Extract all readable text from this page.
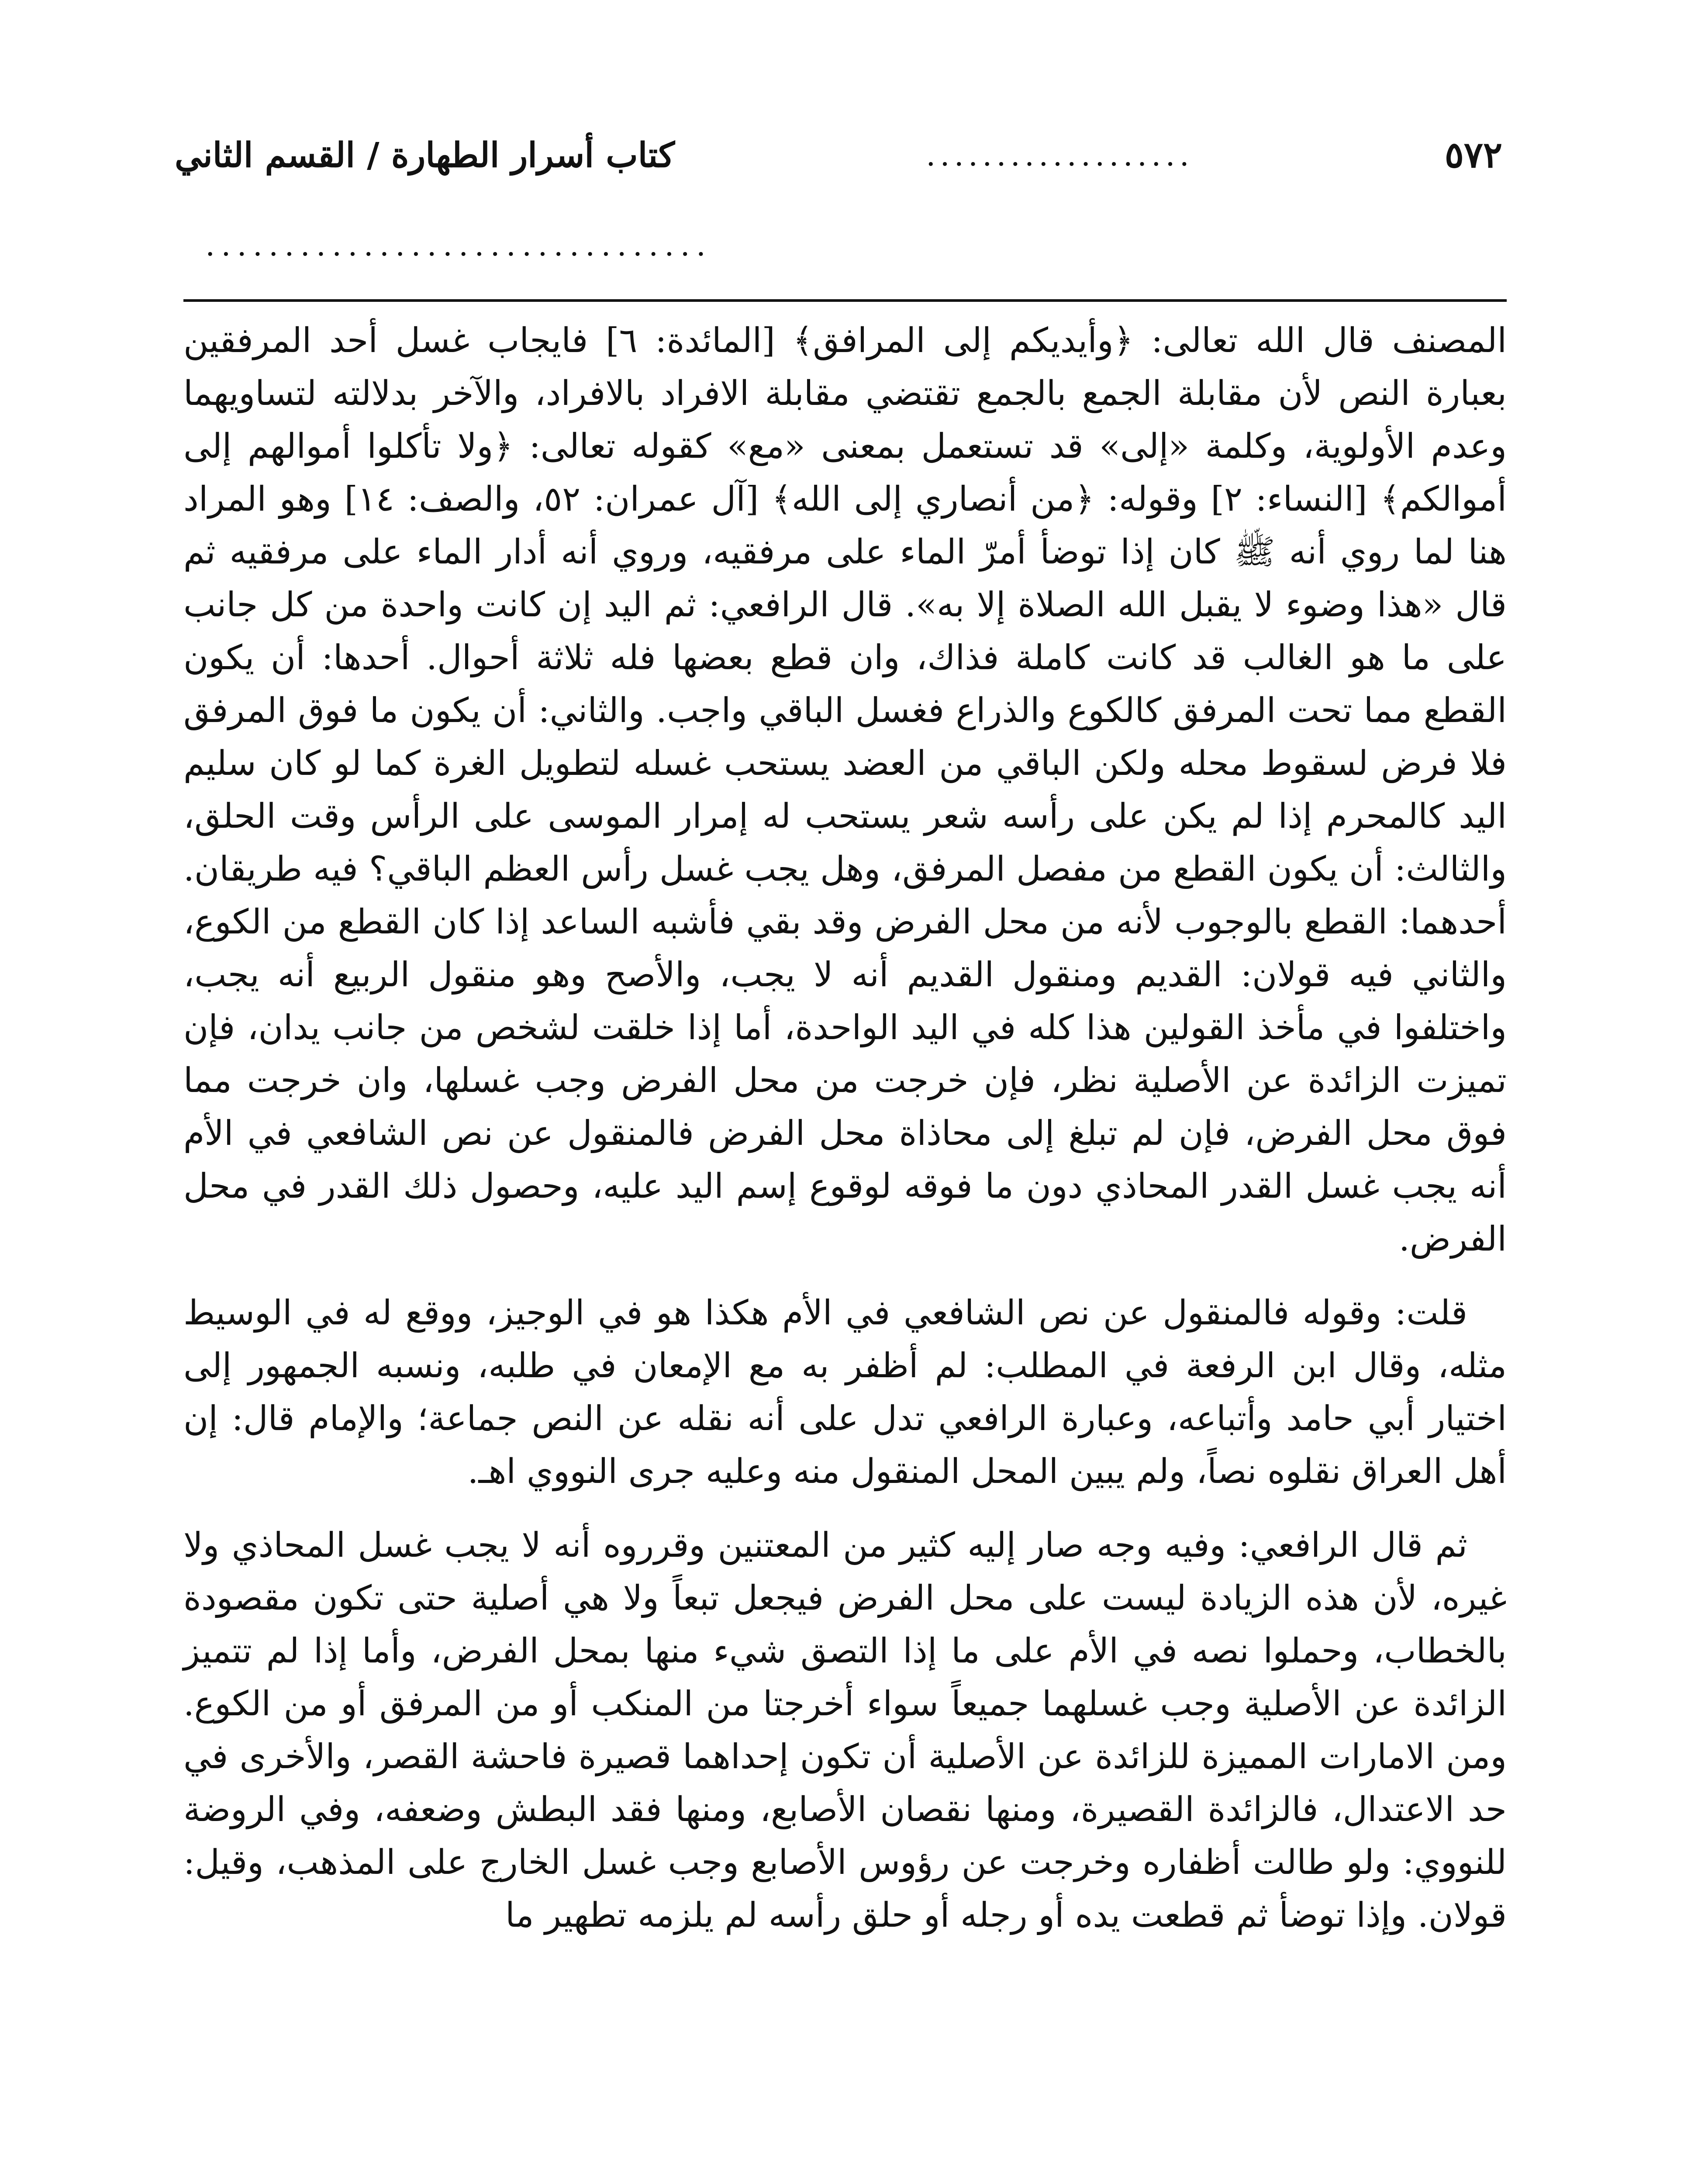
٥٧٢
...................
كتاب أسرار الطهارة / القسم الثاني
................................

المصنف قال الله تعالى: ﴿وأيديكم إلى المرافق﴾ [المائدة: ٦] فايجاب غسل أحد المرفقين بعبارة النص لأن مقابلة الجمع بالجمع تقتضي مقابلة الافراد بالافراد، والآخر بدلالته لتساويهما وعدم الأولوية، وكلمة «إلى» قد تستعمل بمعنى «مع» كقوله تعالى: ﴿ولا تأكلوا أموالهم إلى أموالكم﴾ [النساء: ٢] وقوله: ﴿من أنصاري إلى الله﴾ [آل عمران: ٥٢، والصف: ١٤] وهو المراد هنا لما روي أنه ﷺ كان إذا توضأ أمرّ الماء على مرفقيه، وروي أنه أدار الماء على مرفقيه ثم قال «هذا وضوء لا يقبل الله الصلاة إلا به». قال الرافعي: ثم اليد إن كانت واحدة من كل جانب على ما هو الغالب قد كانت كاملة فذاك، وان قطع بعضها فله ثلاثة أحوال. أحدها: أن يكون القطع مما تحت المرفق كالكوع والذراع فغسل الباقي واجب. والثاني: أن يكون ما فوق المرفق فلا فرض لسقوط محله ولكن الباقي من العضد يستحب غسله لتطويل الغرة كما لو كان سليم اليد كالمحرم إذا لم يكن على رأسه شعر يستحب له إمرار الموسى على الرأس وقت الحلق، والثالث: أن يكون القطع من مفصل المرفق، وهل يجب غسل رأس العظم الباقي؟ فيه طريقان. أحدهما: القطع بالوجوب لأنه من محل الفرض وقد بقي فأشبه الساعد إذا كان القطع من الكوع، والثاني فيه قولان: القديم ومنقول القديم أنه لا يجب، والأصح وهو منقول الربيع أنه يجب، واختلفوا في مأخذ القولين هذا كله في اليد الواحدة، أما إذا خلقت لشخص من جانب يدان، فإن تميزت الزائدة عن الأصلية نظر، فإن خرجت من محل الفرض وجب غسلها، وان خرجت مما فوق محل الفرض، فإن لم تبلغ إلى محاذاة محل الفرض فالمنقول عن نص الشافعي في الأم أنه يجب غسل القدر المحاذي دون ما فوقه لوقوع إسم اليد عليه، وحصول ذلك القدر في محل الفرض.

قلت: وقوله فالمنقول عن نص الشافعي في الأم هكذا هو في الوجيز، ووقع له في الوسيط مثله، وقال ابن الرفعة في المطلب: لم أظفر به مع الإمعان في طلبه، ونسبه الجمهور إلى اختيار أبي حامد وأتباعه، وعبارة الرافعي تدل على أنه نقله عن النص جماعة؛ والإمام قال: إن أهل العراق نقلوه نصاً، ولم يبين المحل المنقول منه وعليه جرى النووي اهـ.

ثم قال الرافعي: وفيه وجه صار إليه كثير من المعتنين وقرروه أنه لا يجب غسل المحاذي ولا غيره، لأن هذه الزيادة ليست على محل الفرض فيجعل تبعاً ولا هي أصلية حتى تكون مقصودة بالخطاب، وحملوا نصه في الأم على ما إذا التصق شيء منها بمحل الفرض، وأما إذا لم تتميز الزائدة عن الأصلية وجب غسلهما جميعاً سواء أخرجتا من المنكب أو من المرفق أو من الكوع. ومن الامارات المميزة للزائدة عن الأصلية أن تكون إحداهما قصيرة فاحشة القصر، والأخرى في حد الاعتدال، فالزائدة القصيرة، ومنها نقصان الأصابع، ومنها فقد البطش وضعفه، وفي الروضة للنووي: ولو طالت أظفاره وخرجت عن رؤوس الأصابع وجب غسل الخارج على المذهب، وقيل: قولان. وإذا توضأ ثم قطعت يده أو رجله أو حلق رأسه لم يلزمه تطهير ما
